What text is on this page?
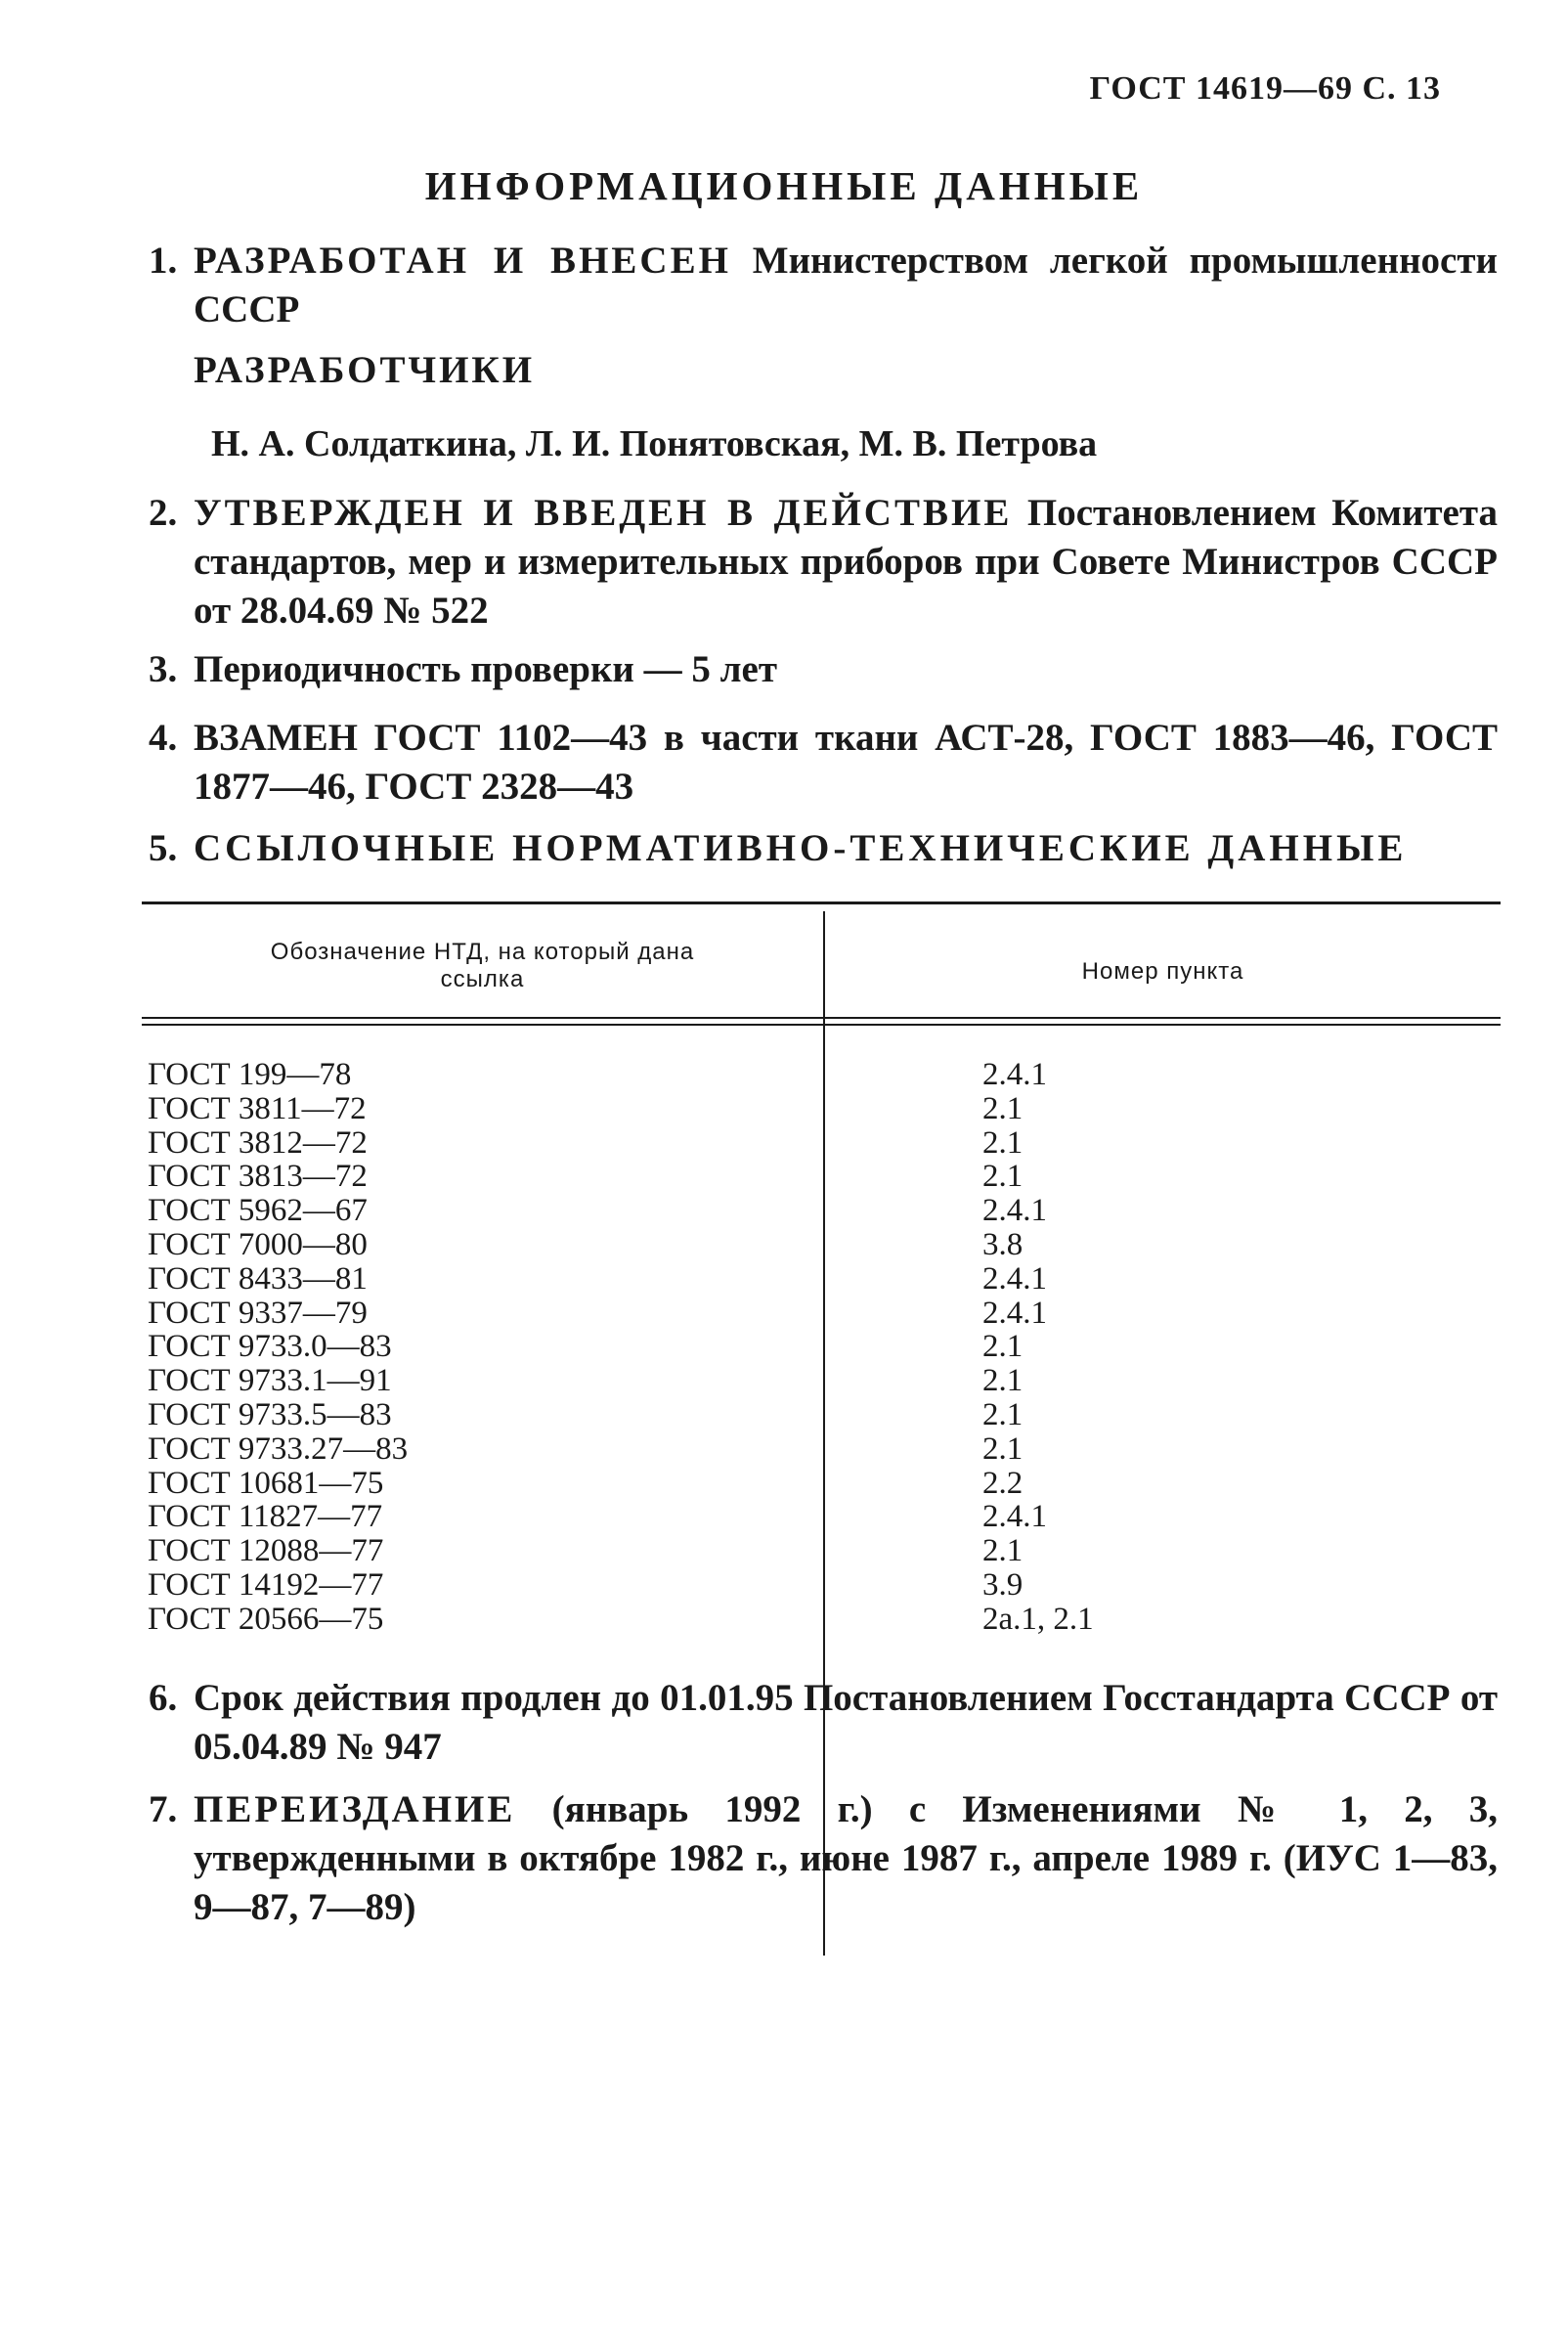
ГОСТ 14619—69 С. 13
ИНФОРМАЦИОННЫЕ ДАННЫЕ
1. РАЗРАБОТАН И ВНЕСЕН Министерством легкой промышленности СССР
РАЗРАБОТЧИКИ
Н. А. Солдаткина, Л. И. Понятовская, М. В. Петрова
2. УТВЕРЖДЕН И ВВЕДЕН В ДЕЙСТВИЕ Постановлением Комитета стандартов, мер и измерительных приборов при Совете Министров СССР от 28.04.69 № 522
3. Периодичность проверки — 5 лет
4. ВЗАМЕН ГОСТ 1102—43 в части ткани АСТ-28, ГОСТ 1883—46, ГОСТ 1877—46, ГОСТ 2328—43
5. ССЫЛОЧНЫЕ НОРМАТИВНО-ТЕХНИЧЕСКИЕ ДАННЫЕ
Обозначение НТД, на который дана ссылка	Номер пункта
ГОСТ 199—78	2.4.1
ГОСТ 3811—72	2.1
ГОСТ 3812—72	2.1
ГОСТ 3813—72	2.1
ГОСТ 5962—67	2.4.1
ГОСТ 7000—80	3.8
ГОСТ 8433—81	2.4.1
ГОСТ 9337—79	2.4.1
ГОСТ 9733.0—83	2.1
ГОСТ 9733.1—91	2.1
ГОСТ 9733.5—83	2.1
ГОСТ 9733.27—83	2.1
ГОСТ 10681—75	2.2
ГОСТ 11827—77	2.4.1
ГОСТ 12088—77	2.1
ГОСТ 14192—77	3.9
ГОСТ 20566—75	2а.1, 2.1
6. Срок действия продлен до 01.01.95 Постановлением Госстандарта СССР от 05.04.89 № 947
7. ПЕРЕИЗДАНИЕ (январь 1992 г.) с Изменениями № 1, 2, 3, утвержденными в октябре 1982 г., июне 1987 г., апреле 1989 г. (ИУС 1—83, 9—87, 7—89)
